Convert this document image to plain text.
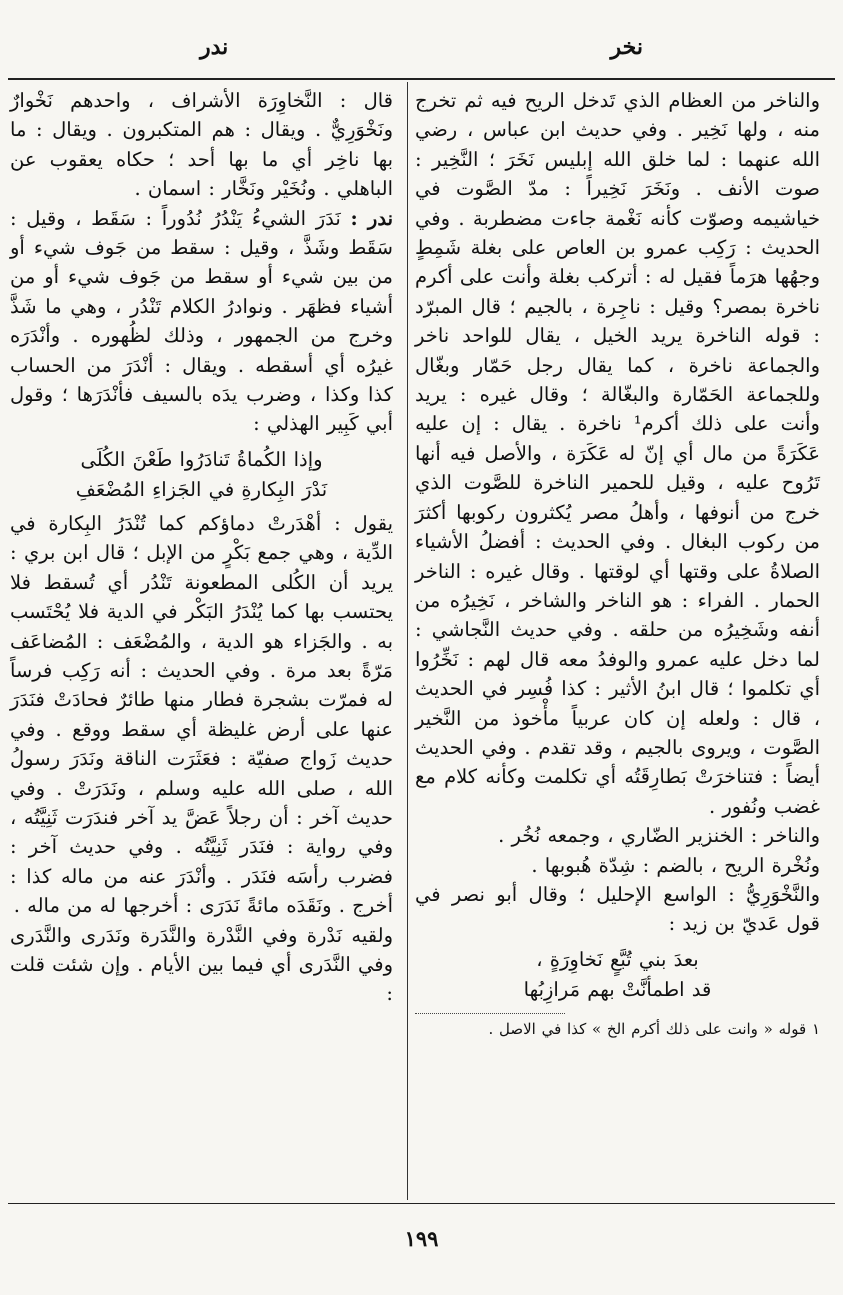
ندر	نخر

والناخر من العظام الذي تَدخل الريح فيه ثم تخرج منه ، ولها نَخِير . وفي حديث ابن عباس ، رضي الله عنهما : لما خلق الله إبليس نَخَرَ ؛ النَّخِير : صوت الأنف . ونَخَرَ نَخِيراً : مدّ الصَّوت في خياشيمه وصوّت كأنه نَغْمة جاءت مضطربة . وفي الحديث : رَكِب عمرو بن العاص على بغلة شَمِطٍ وجهُها هرَماً فقيل له : أتركب بغلة وأنت على أكرم ناخرة بمصر؟ وقيل : ناجِرة ، بالجيم ؛ قال المبرّد : قوله الناخرة يريد الخيل ، يقال للواحد ناخر والجماعة ناخرة ، كما يقال رجل حَمّار وبغّال وللجماعة الحَمّارة والبغّالة ؛ وقال غيره : يريد وأنت على ذلك أكرم¹ ناخرة . يقال : إن عليه عَكَرَةً من مال أي إنّ له عَكَرَة ، والأصل فيه أنها تَرُوح عليه ، وقيل للحمير الناخرة للصَّوت الذي خرج من أنوفها ، وأهلُ مصر يُكثرون ركوبها أكثرَ من ركوب البغال . وفي الحديث : أفضلُ الأشياء الصلاةُ على وقتها أي لوقتها . وقال غيره : الناخر الحمار . الفراء : هو الناخر والشاخر ، نَخِيرُه من أنفه وشَخِيرُه من حلقه . وفي حديث النَّجاشي : لما دخل عليه عمرو والوفدُ معه قال لهم : نَخِّرُوا أي تكلموا ؛ قال ابنُ الأثير : كذا فُسِر في الحديث ، قال : ولعله إن كان عربياً مأْخوذ من النَّخير الصَّوت ، ويروى بالجيم ، وقد تقدم . وفي الحديث أيضاً : فتناخرَتْ بَطارِقَتُه أي تكلمت وكأنه كلام مع غضب ونُفور .

والناخر : الخنزير الضّاري ، وجمعه نُخُر .

ونُخْرة الريح ، بالضم : شِدّة هُبوبها .

والنَّخْوَرِيُّ : الواسع الإحليل ؛ وقال أبو نصر في قول عَديّ بن زيد :

بعدَ بني تُبَّعٍ نَخاوِرَةٍ ،
قد اطمأنَّتْ بهم مَرازِبُها
١ قوله « وانت على ذلك أكرم الخ » كذا في الاصل .

قال : النَّخاوِرَة الأشراف ، واحدهم نَخْوارٌ ونَخْوَرِيٌّ . ويقال : هم المتكبرون . ويقال : ما بها ناخِر أي ما بها أحد ؛ حكاه يعقوب عن الباهلي . ونُخَيْر ونَخَّار : اسمان .

ندر : نَدَرَ الشيءُ يَنْدُرُ نُدُوراً : سَقَط ، وقيل : سَقَط وشَذَّ ، وقيل : سقط من جَوف شيء أو من بين شيء أو سقط من جَوف شيء أو من أشياء فظهَر . ونوادرُ الكلام تَنْدُر ، وهي ما شَذَّ وخرج من الجمهور ، وذلك لظُهوره . وأنْدَرَه غيرُه أي أسقطه . ويقال : أنْدَرَ من الحساب كذا وكذا ، وضرب يدَه بالسيف فأنْدَرَها ؛ وقول أبي كَبِير الهذلي :

وإذا الكُماةُ تَنادَرُوا طَعْنَ الكُلَى
نَدْرَ البِكارةِ في الجَزاءِ المُضْعَفِ

يقول : أهْدَرتْ دماؤكم كما تُنْدَرُ البِكارة في الدِّية ، وهي جمع بَكْرٍ من الإبل ؛ قال ابن بري : يريد أن الكُلى المطعونة تَنْدُر أي تُسقط فلا يحتسب بها كما يُنْدَرُ البَكْر في الدية فلا يُحْتَسب به . والجَزاء هو الدية ، والمُضْعَف : المُضاعَف مَرّةً بعد مرة . وفي الحديث : أنه رَكِب فرساً له فمرّت بشجرة فطار منها طائرٌ فحادَتْ فنَدَرَ عنها على أرض غليظة أي سقط ووقع . وفي حديث زَواج صفيّة : فعَثَرَت الناقة ونَدَرَ رسولُ الله ، صلى الله عليه وسلم ، ونَدَرَتْ . وفي حديث آخر : أن رجلاً عَضَّ يد آخر فندَرَت ثَنِيَّتُه ، وفي رواية : فنَدَر ثَنِيَّتُه . وفي حديث آخر : فضرب رأسَه فنَدَر . وأنْدَرَ عنه من ماله كذا : أخرج . ونَقَدَه مائةً نَدَرَى : أخرجها له من ماله .

ولقيه نَدْرة وفي النَّدْرة والنَّدَرة ونَدَرى والنَّدَرى وفي النَّدَرى أي فيما بين الأيام . وإن شئت قلت :

١٩٩
